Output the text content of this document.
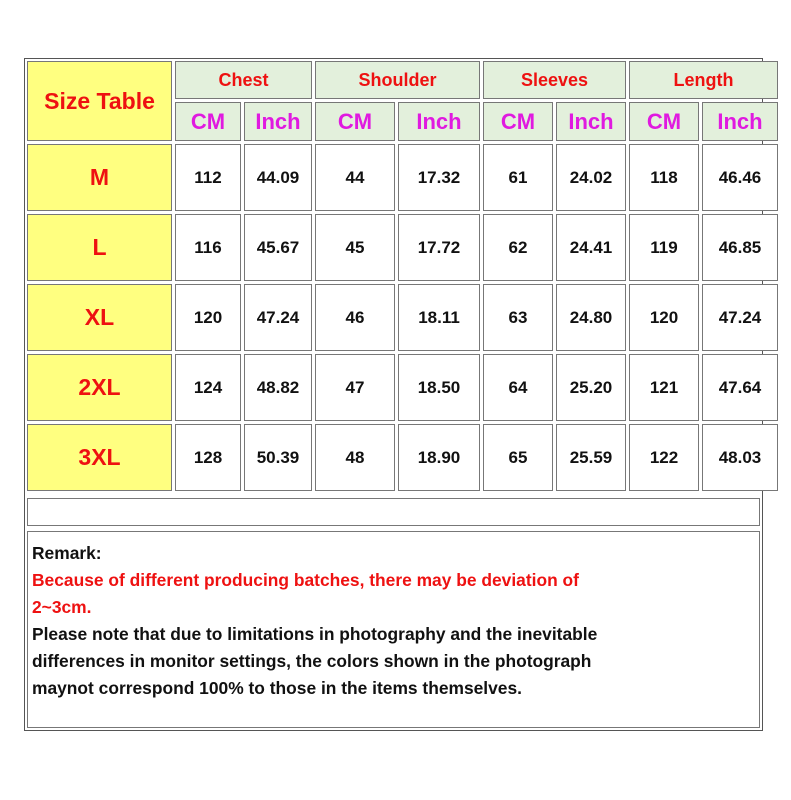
Size Table	Chest		Shoulder		Sleeves		Length	
	CM	Inch	CM	Inch	CM	Inch	CM	Inch
M	112	44.09	44	17.32	61	24.02	118	46.46
L	116	45.67	45	17.72	62	24.41	119	46.85
XL	120	47.24	46	18.11	63	24.80	120	47.24
2XL	124	48.82	47	18.50	64	25.20	121	47.64
3XL	128	50.39	48	18.90	65	25.59	122	48.03

Remark:

Because of different producing batches, there may be deviation of

2~3cm.

Please note that due to limitations in photography and the inevitable

differences in monitor settings, the colors shown in the photograph

maynot correspond 100% to those in the items themselves.
